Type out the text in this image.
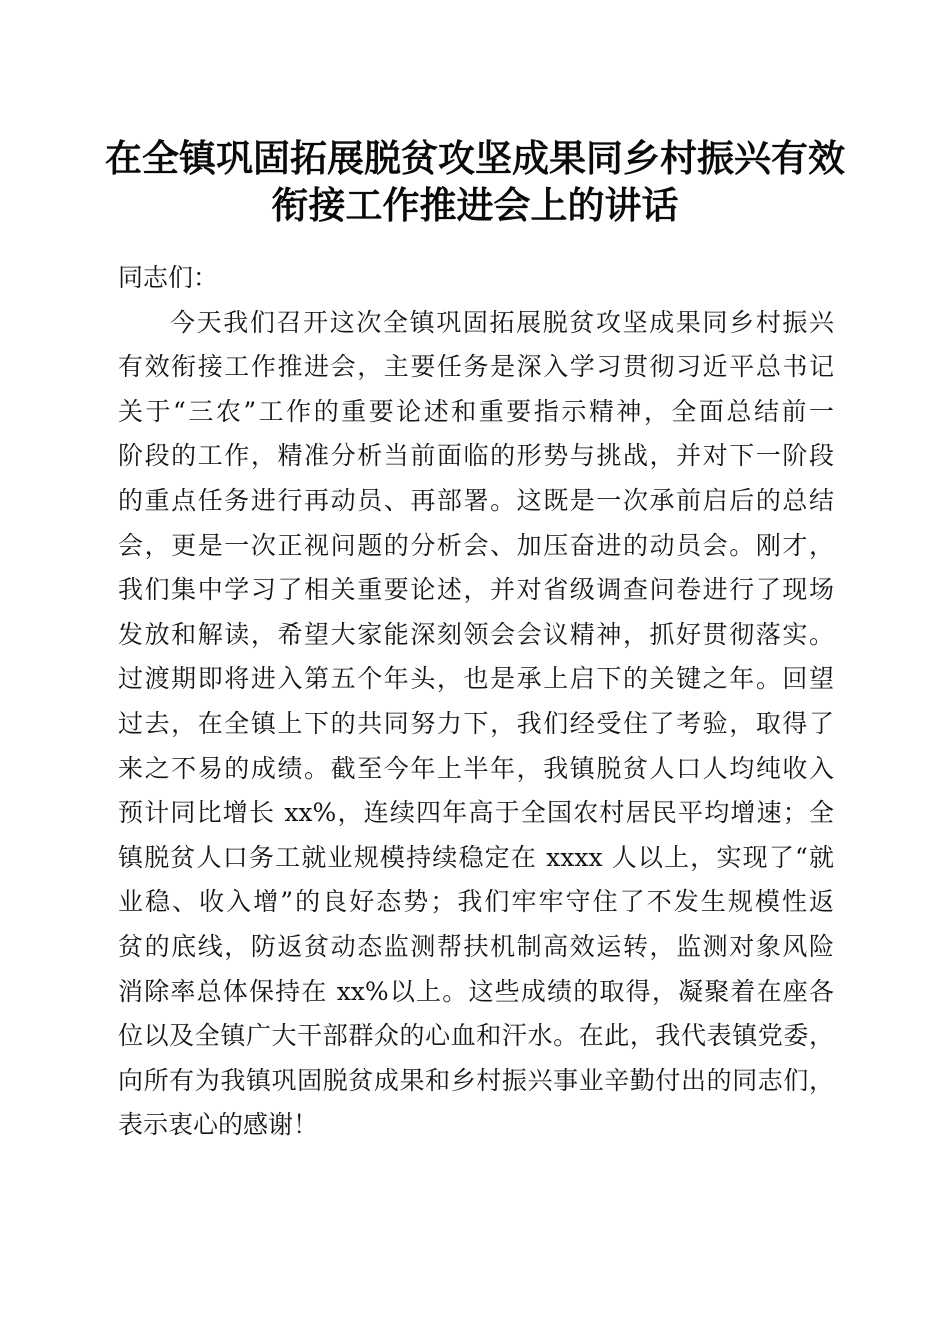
在全镇巩固拓展脱贫攻坚成果同乡村振兴有效
衔接工作推进会上的讲话
同志们：
今天我们召开这次全镇巩固拓展脱贫攻坚成果同乡村振兴
有效衔接工作推进会，主要任务是深入学习贯彻习近平总书记
关于“三农”工作的重要论述和重要指示精神，全面总结前一
阶段的工作，精准分析当前面临的形势与挑战，并对下一阶段
的重点任务进行再动员、再部署。这既是一次承前启后的总结
会，更是一次正视问题的分析会、加压奋进的动员会。刚才，
我们集中学习了相关重要论述，并对省级调查问卷进行了现场
发放和解读，希望大家能深刻领会会议精神，抓好贯彻落实。
过渡期即将进入第五个年头，也是承上启下的关键之年。回望
过去，在全镇上下的共同努力下，我们经受住了考验，取得了
来之不易的成绩。截至今年上半年，我镇脱贫人口人均纯收入
预计同比增长 xx%，连续四年高于全国农村居民平均增速；全
镇脱贫人口务工就业规模持续稳定在 xxxx 人以上，实现了“就
业稳、收入增”的良好态势；我们牢牢守住了不发生规模性返
贫的底线，防返贫动态监测帮扶机制高效运转，监测对象风险
消除率总体保持在 xx%以上。这些成绩的取得，凝聚着在座各
位以及全镇广大干部群众的心血和汗水。在此，我代表镇党委，
向所有为我镇巩固脱贫成果和乡村振兴事业辛勤付出的同志们，
表示衷心的感谢！
